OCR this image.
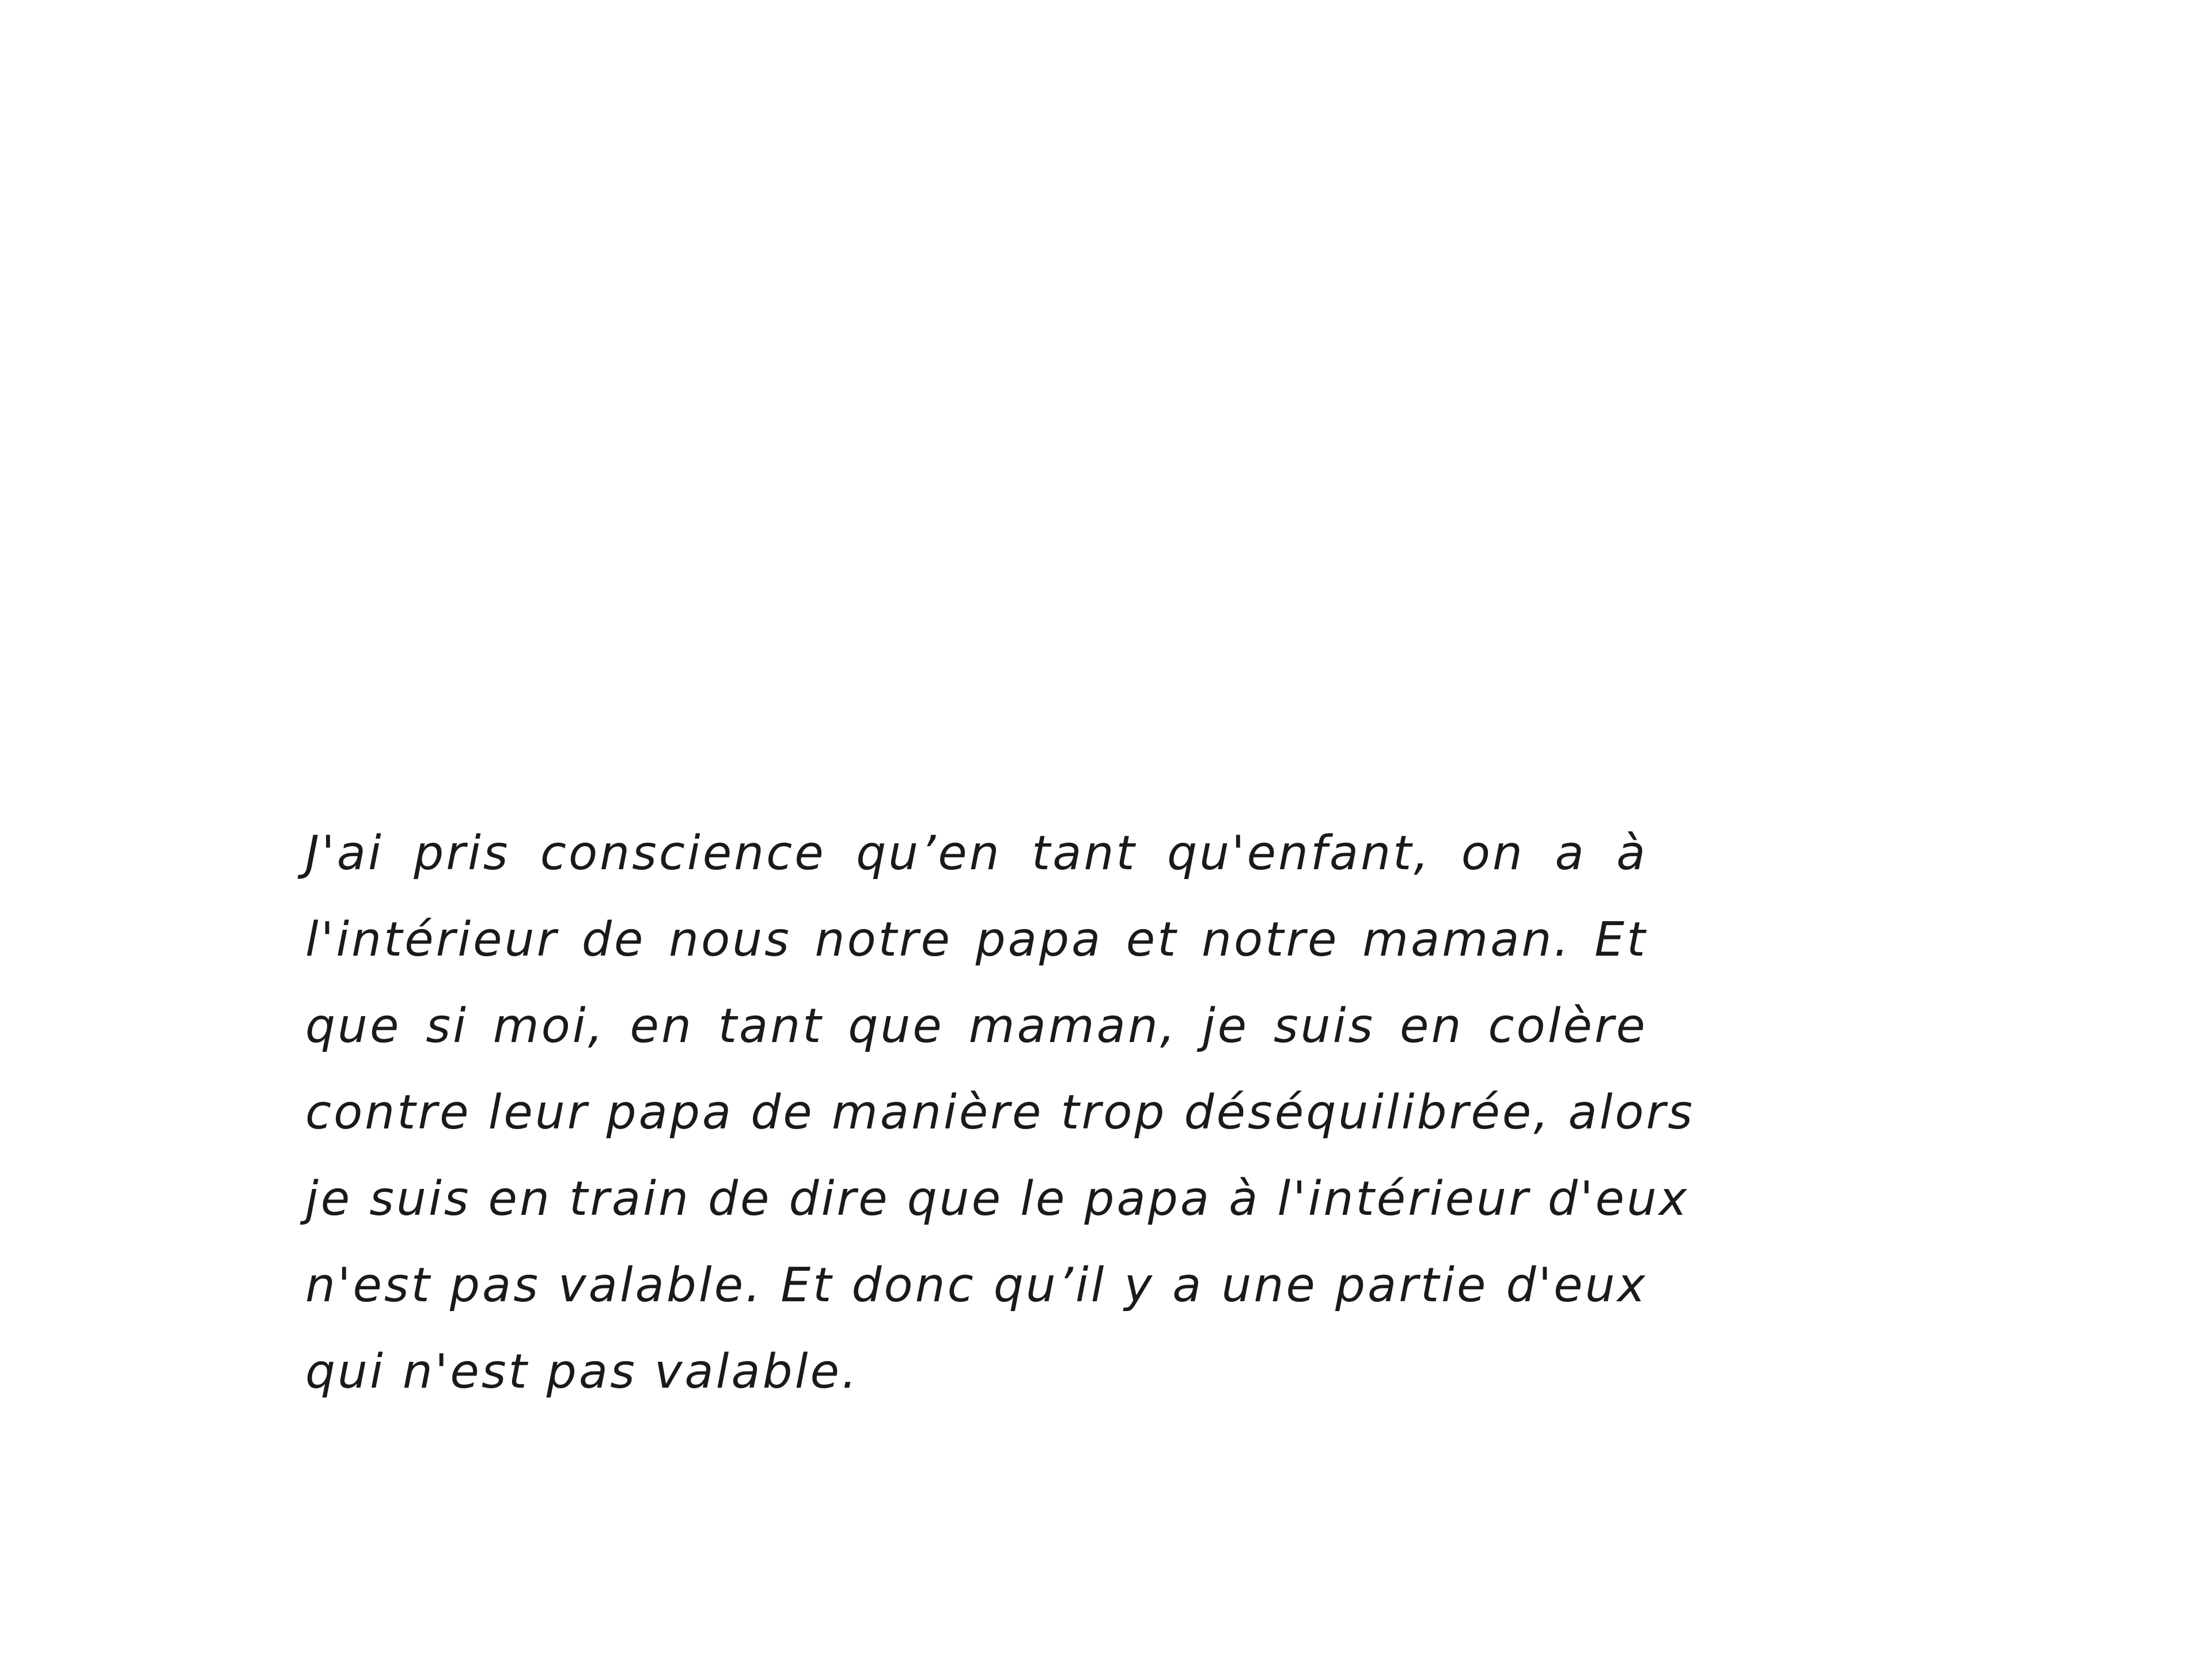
J'ai pris conscience qu’en tant qu'enfant, on a à
l'intérieur de nous notre papa et notre maman. Et
que si moi, en tant que maman, je suis en colère
contre leur papa de manière trop déséquilibrée, alors
je suis en train de dire que le papa à l'intérieur d'eux
n'est pas valable. Et donc qu’il y a une partie d'eux
qui n'est pas valable.
